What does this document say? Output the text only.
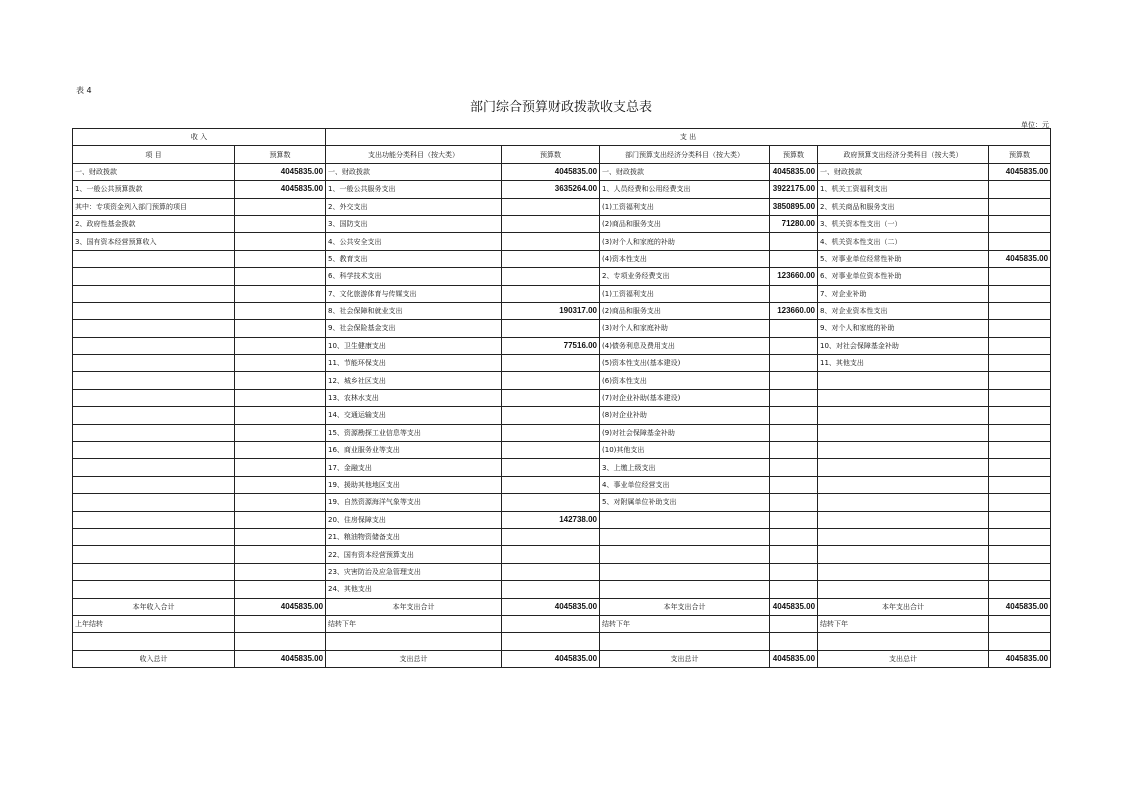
表 4
部门综合预算财政拨款收支总表
单位：元
收 入		支 出					
项 目	预算数	支出功能分类科目（按大类）	预算数	部门预算支出经济分类科目（按大类）	预算数	政府预算支出经济分类科目（按大类）	预算数
一、财政拨款	4045835.00	一、财政拨款	4045835.00	一、财政拨款	4045835.00	一、财政拨款	4045835.00
1、一般公共预算拨款	4045835.00	1、一般公共服务支出	3635264.00	1、人员经费和公用经费支出	3922175.00	1、机关工资福利支出	
其中：专项资金列入部门预算的项目		2、外交支出		(1)工资福利支出	3850895.00	2、机关商品和服务支出	
2、政府性基金拨款		3、国防支出		(2)商品和服务支出	71280.00	3、机关资本性支出（一）	
3、国有资本经营预算收入		4、公共安全支出		(3)对个人和家庭的补助		4、机关资本性支出（二）	
		5、教育支出		(4)资本性支出		5、对事业单位经常性补助	4045835.00
		6、科学技术支出		2、专项业务经费支出	123660.00	6、对事业单位资本性补助	
		7、文化旅游体育与传媒支出		(1)工资福利支出		7、对企业补助	
		8、社会保障和就业支出	190317.00	(2)商品和服务支出	123660.00	8、对企业资本性支出	
		9、社会保险基金支出		(3)对个人和家庭补助		9、对个人和家庭的补助	
		10、卫生健康支出	77516.00	(4)债务利息及费用支出		10、对社会保障基金补助	
		11、节能环保支出		(5)资本性支出(基本建设)		11、其他支出	
		12、城乡社区支出		(6)资本性支出			
		13、农林水支出		(7)对企业补助(基本建设)			
		14、交通运输支出		(8)对企业补助			
		15、资源勘探工业信息等支出		(9)对社会保障基金补助			
		16、商业服务业等支出		(10)其他支出			
		17、金融支出		3、上缴上级支出			
		19、援助其他地区支出		4、事业单位经营支出			
		19、自然资源海洋气象等支出		5、对附属单位补助支出			
		20、住房保障支出	142738.00				
		21、粮油物资储备支出					
		22、国有资本经营预算支出					
		23、灾害防治及应急管理支出					
		24、其他支出					
本年收入合计	4045835.00	本年支出合计	4045835.00	本年支出合计	4045835.00	本年支出合计	4045835.00
上年结转		结转下年		结转下年		结转下年	

收入总计	4045835.00	支出总计	4045835.00	支出总计	4045835.00	支出总计	4045835.00
